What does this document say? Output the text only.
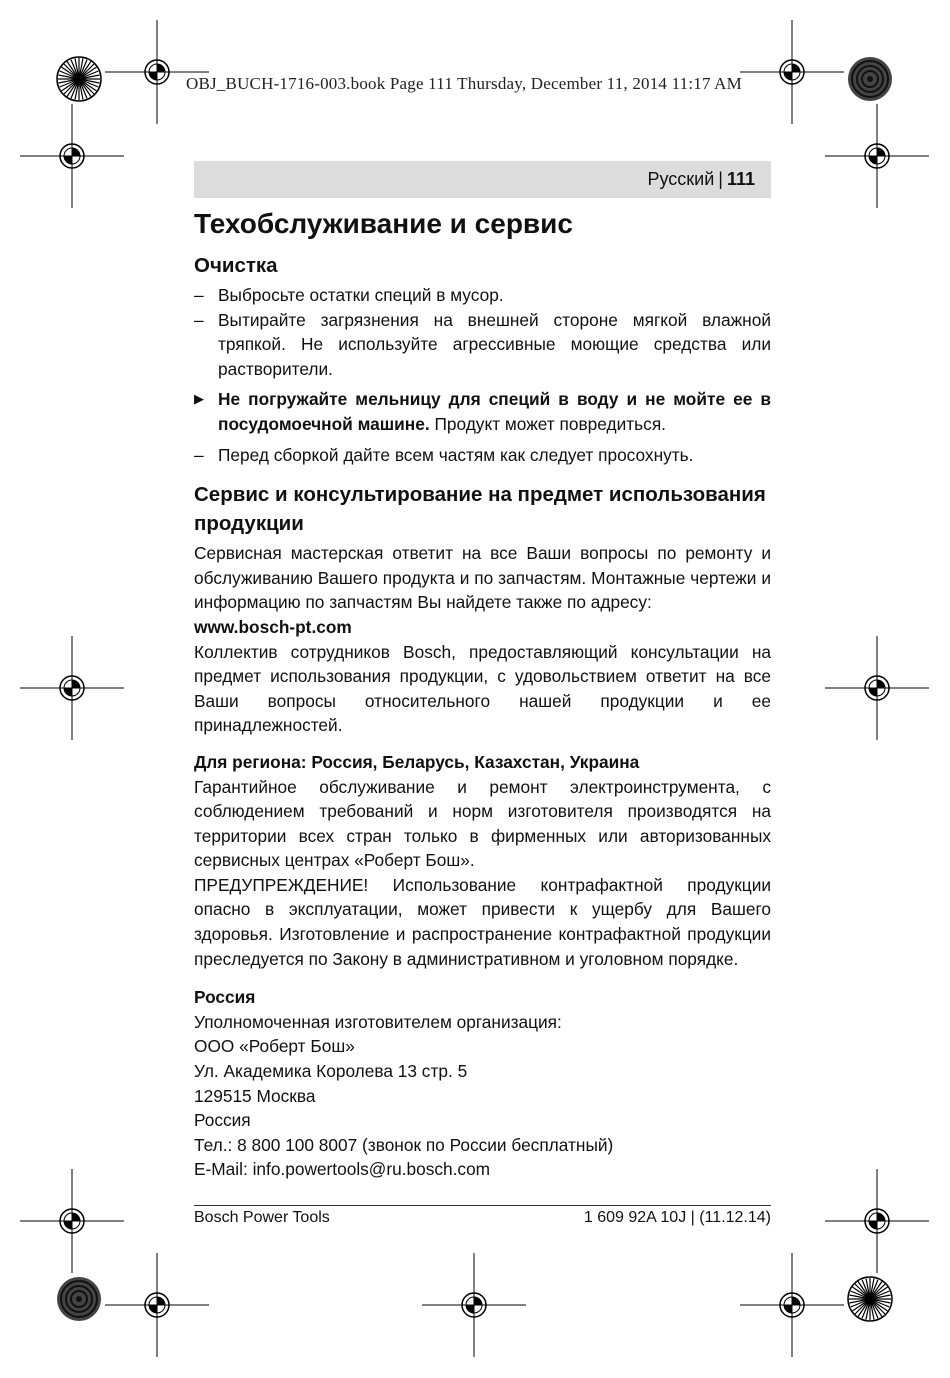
OBJ_BUCH-1716-003.book Page 111 Thursday, December 11, 2014 11:17 AM
Русский | 111
Техобслуживание и сервис
Очистка
– Выбросьте остатки специй в мусор.
– Вытирайте загрязнения на внешней стороне мягкой влажной тряпкой. Не используйте агрессивные моющие средства или растворители.
▶ Не погружайте мельницу для специй в воду и не мойте ее в посудомоечной машине. Продукт может повредиться.
– Перед сборкой дайте всем частям как следует просохнуть.
Сервис и консультирование на предмет использования продукции

Сервисная мастерская ответит на все Ваши вопросы по ремонту и обслуживанию Вашего продукта и по запчастям. Монтажные чертежи и информацию по запчастям Вы найдете также по адресу:

www.bosch-pt.com

Коллектив сотрудников Bosch, предоставляющий консультации на предмет использования продукции, с удовольствием ответит на все Ваши вопросы относительного нашей продукции и ее принадлежностей.

Для региона: Россия, Беларусь, Казахстан, Украина

Гарантийное обслуживание и ремонт электроинструмента, с соблюдением требований и норм изготовителя производятся на территории всех стран только в фирменных или авторизованных сервисных центрах «Роберт Бош».

ПРЕДУПРЕЖДЕНИЕ! Использование контрафактной продукции опасно в эксплуатации, может привести к ущербу для Вашего здоровья. Изготовление и распространение контрафактной продукции преследуется по Закону в административном и уголовном порядке.

Россия
Уполномоченная изготовителем организация:
ООО «Роберт Бош»
Ул. Академика Королева 13 стр. 5
129515 Москва
Россия
Тел.: 8 800 100 8007 (звонок по России бесплатный)
E-Mail: info.powertools@ru.bosch.com
Bosch Power Tools	1 609 92A 10J | (11.12.14)
